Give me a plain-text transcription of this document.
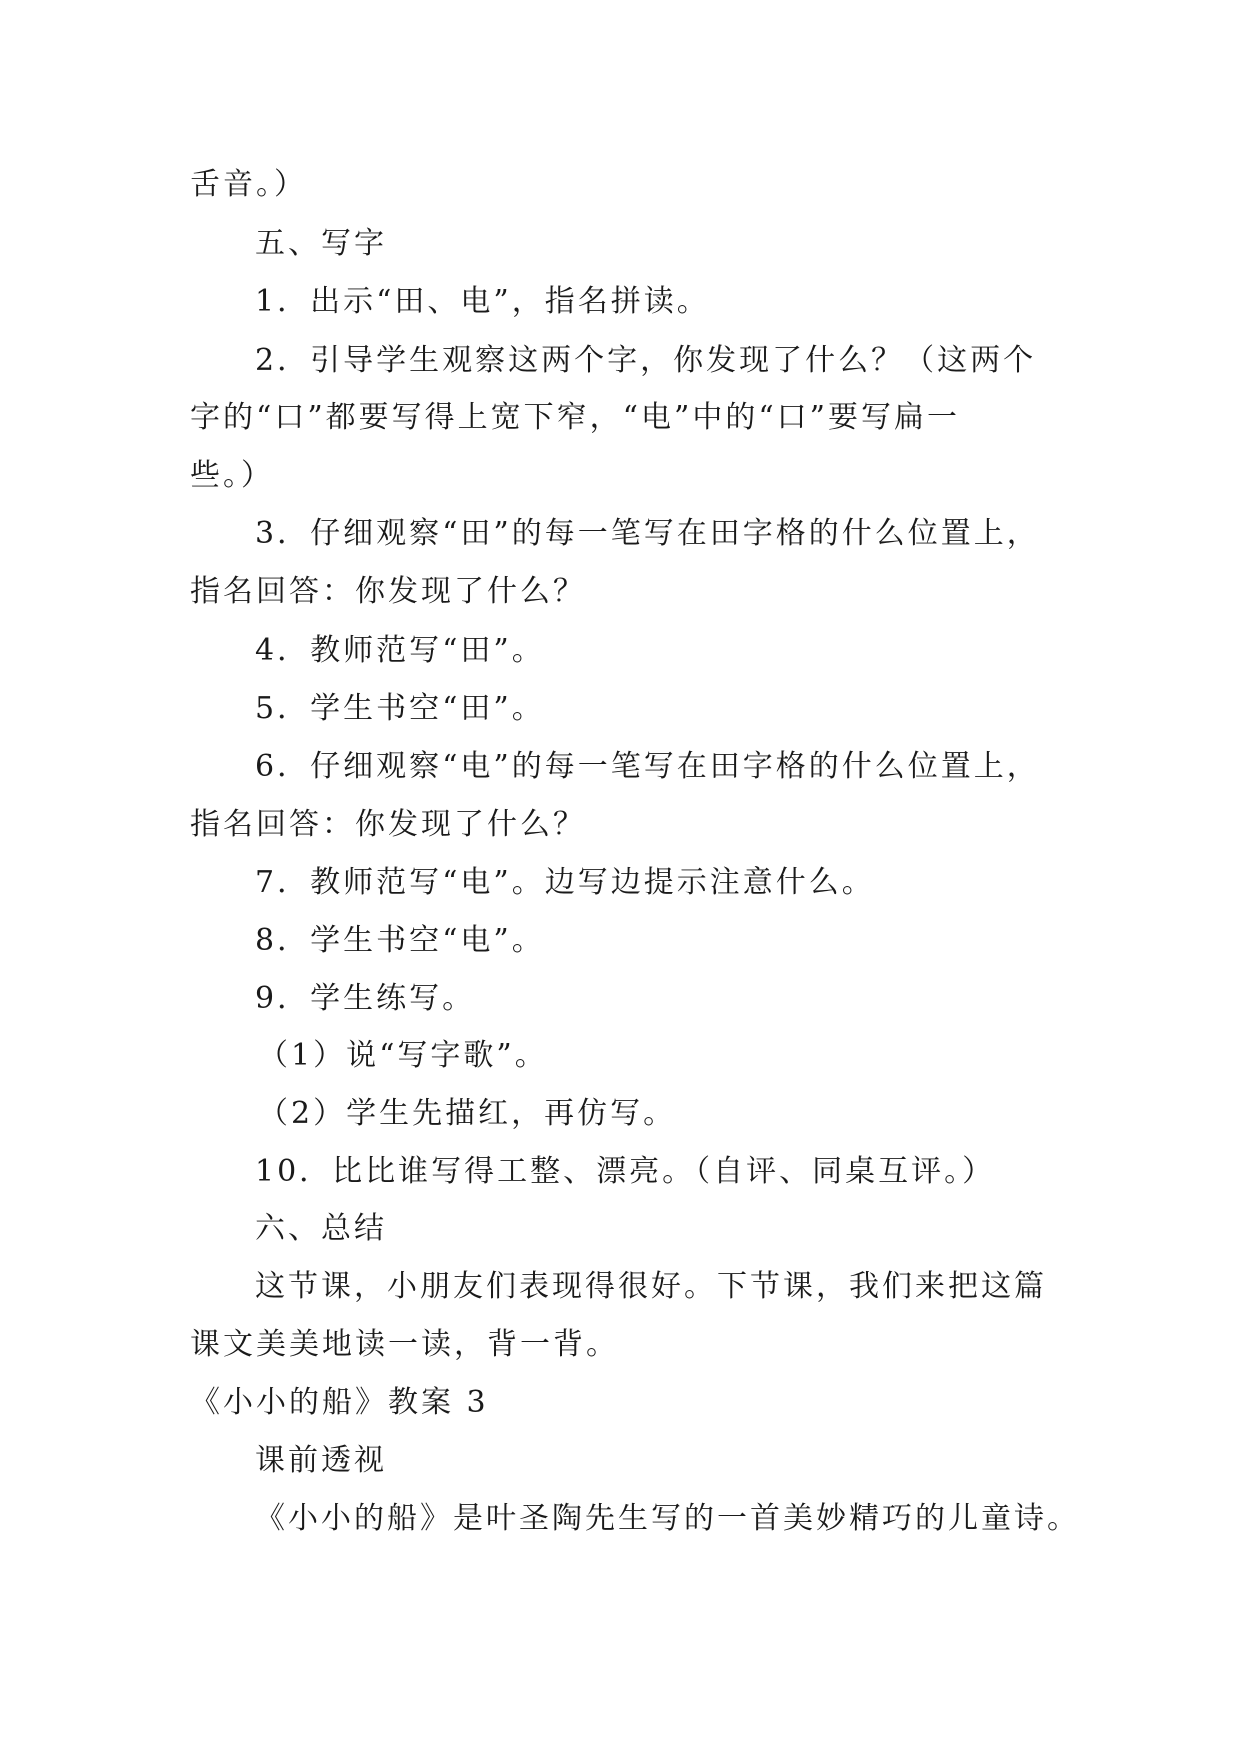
舌音。）
五、写字
1．出示“田、电”，指名拼读。
2．引导学生观察这两个字，你发现了什么？（这两个
字的“口”都要写得上宽下窄，“电”中的“口”要写扁一
些。）
3．仔细观察“田”的每一笔写在田字格的什么位置上，
指名回答：你发现了什么？
4．教师范写“田”。
5．学生书空“田”。
6．仔细观察“电”的每一笔写在田字格的什么位置上，
指名回答：你发现了什么？
7．教师范写“电”。边写边提示注意什么。
8．学生书空“电”。
9．学生练写。
（1）说“写字歌”。
（2）学生先描红，再仿写。
10．比比谁写得工整、漂亮。（自评、同桌互评。）
六、总结
这节课，小朋友们表现得很好。下节课，我们来把这篇
课文美美地读一读，背一背。
《小小的船》教案 3
课前透视
《小小的船》是叶圣陶先生写的一首美妙精巧的儿童诗。
